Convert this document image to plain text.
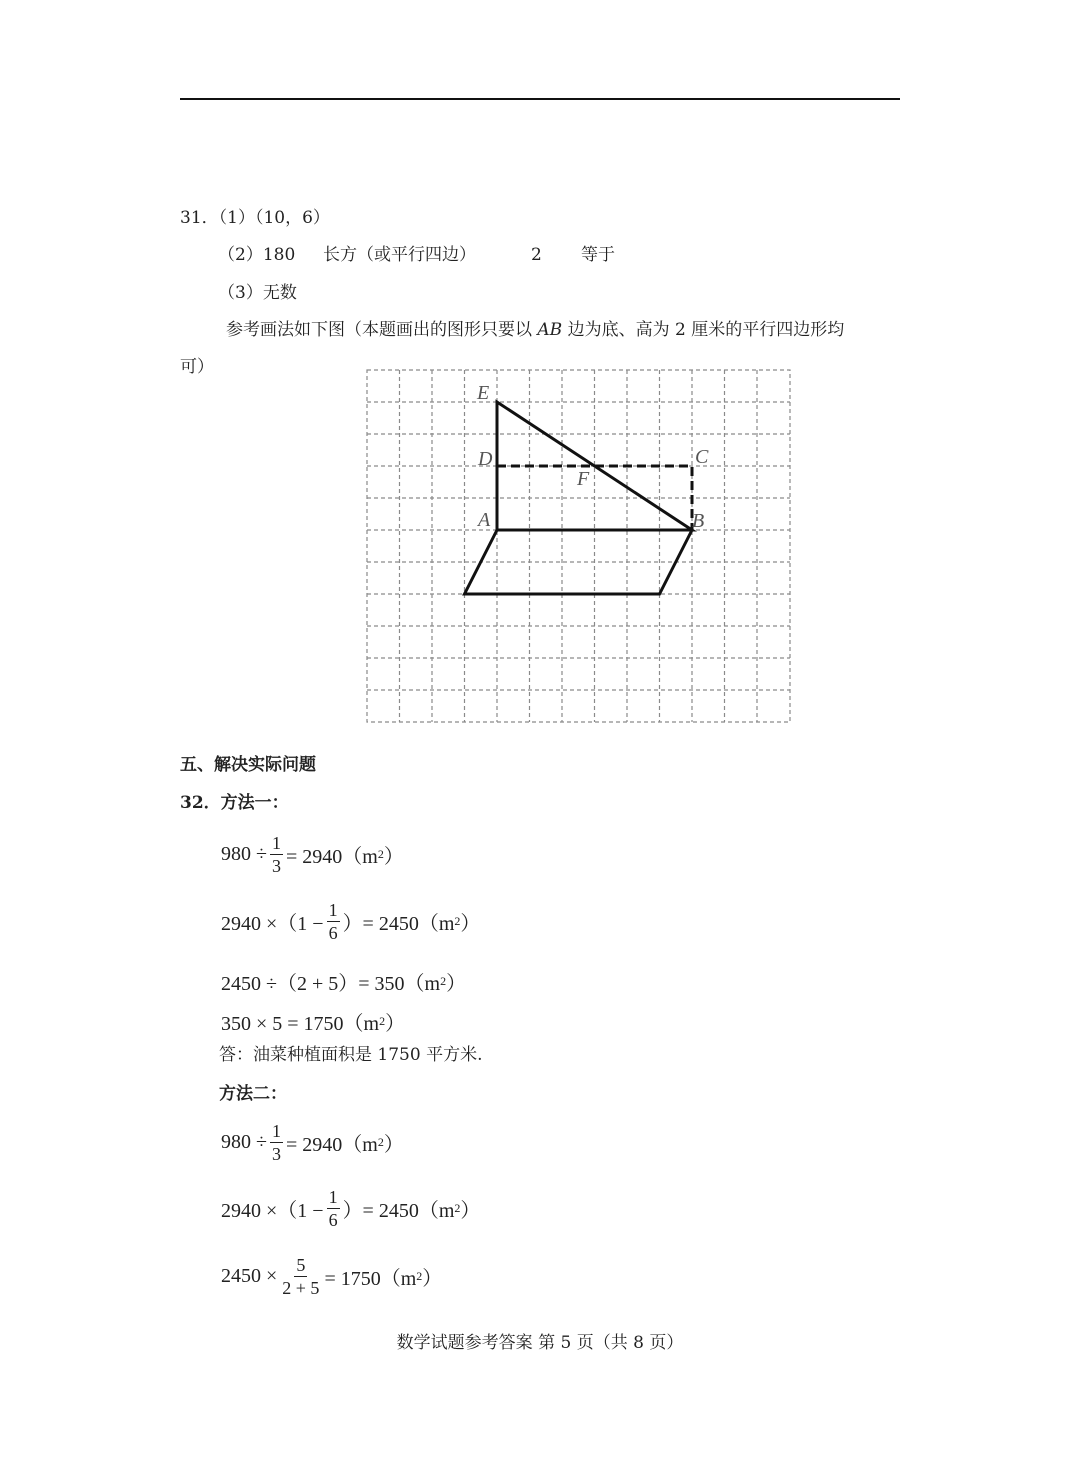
31．（1）（10，6）
（2）180 长方（或平行四边）	2 等于
（3）无数
参考画法如下图（本题画出的图形只要以 AB 边为底、高为 2 厘米的平行四边形均
可）
E
D	C
F
A	B
五、解决实际问题
32．方法一：
$980 \div \frac{1}{3} = 2940(m$ 2 ）
$2940 \times(1 - \frac{1}{6}$ ）= 2450（m 2 ）
2450 ÷（2 + 5）= 350（m 2 ）
350 × 5 = 1750（m 2 ）
答：油菜种植面积是 1750 平方米.
方法二：
$980 \div \frac{1}{3} = 2940(m$ 2 ）
$2940 \times(1 - \frac{1}{6}$ ）= 2450（m 2 ）
$2450 \times \frac{5}{2 + 5} = 1750(m$ 2 ）
数学试题参考答案 第 5 页（共 8 页）
